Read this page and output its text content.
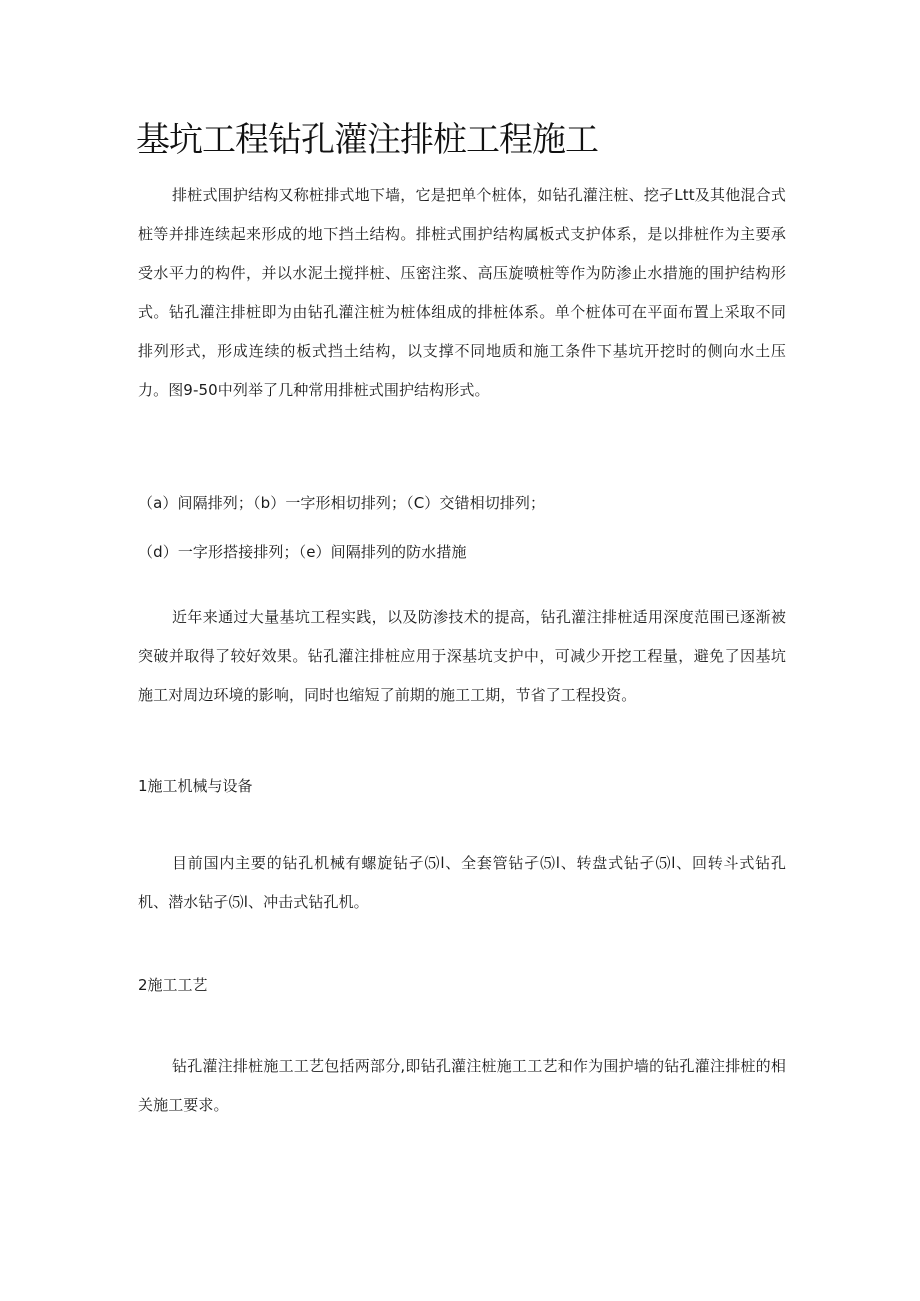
基坑工程钻孔灌注排桩工程施工

排桩式围护结构又称桩排式地下墙，它是把单个桩体，如钻孔灌注桩、挖孑Ltt及其他混合式桩等并排连续起来形成的地下挡土结构。排桩式围护结构属板式支护体系，是以排桩作为主要承受水平力的构件，并以水泥土搅拌桩、压密注浆、高压旋喷桩等作为防渗止水措施的围护结构形式。钻孔灌注排桩即为由钻孔灌注桩为桩体组成的排桩体系。单个桩体可在平面布置上采取不同排列形式，形成连续的板式挡土结构，以支撑不同地质和施工条件下基坑开挖时的侧向水土压力。图9-50中列举了几种常用排桩式围护结构形式。

（a）间隔排列；（b）一字形相切排列；（C）交错相切排列；

（d）一字形搭接排列；（e）间隔排列的防水措施

近年来通过大量基坑工程实践，以及防渗技术的提高，钻孔灌注排桩适用深度范围已逐渐被突破并取得了较好效果。钻孔灌注排桩应用于深基坑支护中，可减少开挖工程量，避免了因基坑施工对周边环境的影响，同时也缩短了前期的施工工期，节省了工程投资。

1施工机械与设备

目前国内主要的钻孔机械有螺旋钻孑⑸l、全套管钻孑⑸l、转盘式钻孑⑸l、回转斗式钻孔机、潜水钻孑⑸l、冲击式钻孔机。

2施工工艺

钻孔灌注排桩施工工艺包括两部分,即钻孔灌注桩施工工艺和作为围护墙的钻孔灌注排桩的相关施工要求。
